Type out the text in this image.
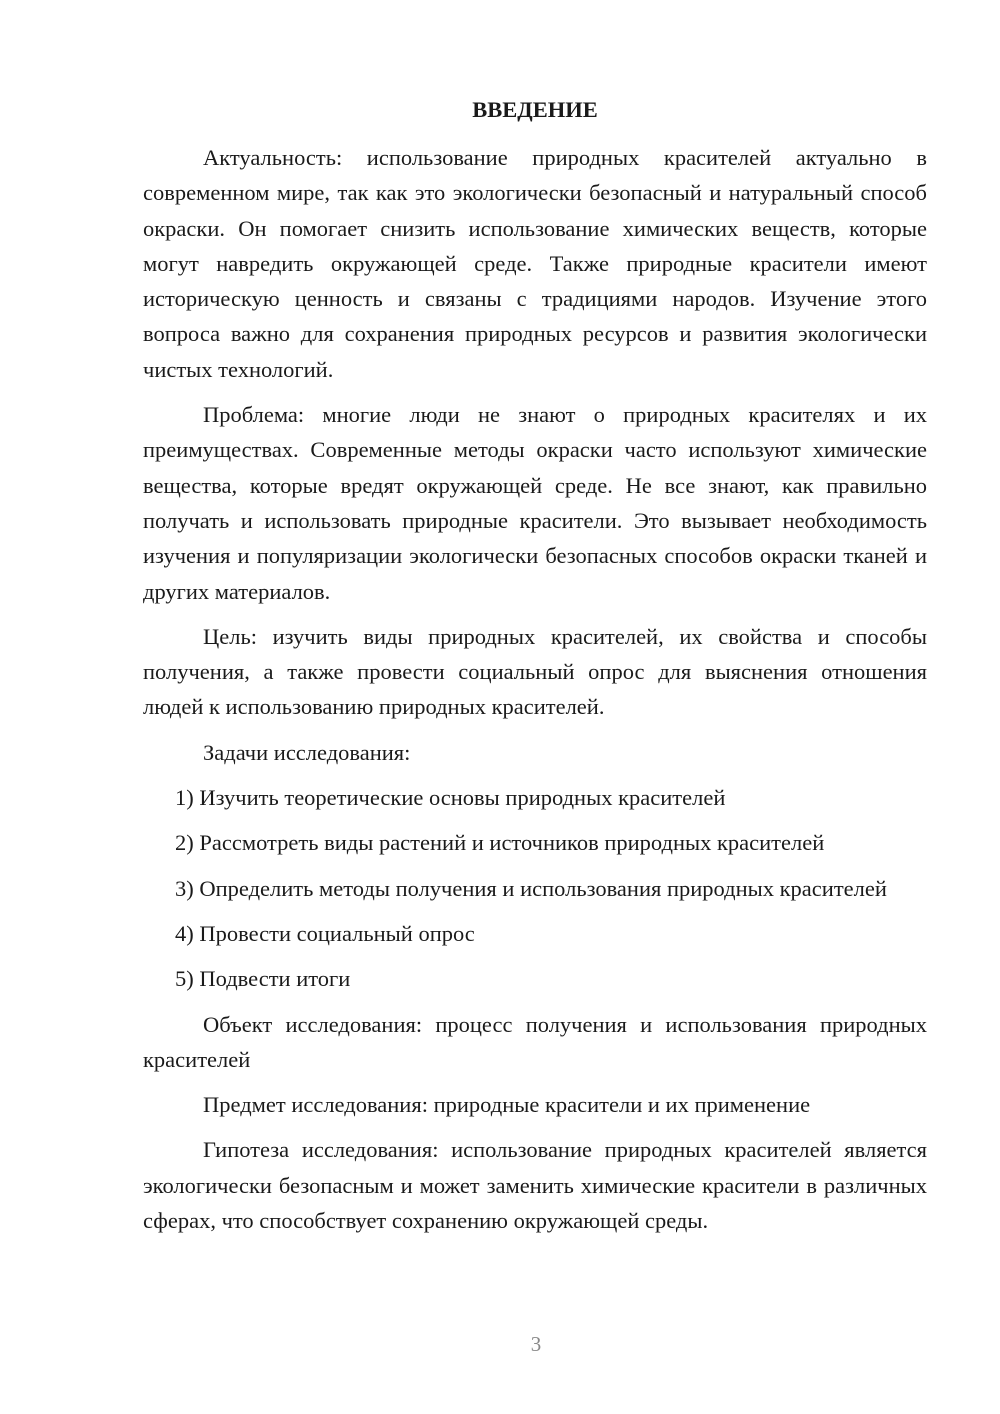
ВВЕДЕНИЕ

Актуальность: использование природных красителей актуально в современном мире, так как это экологически безопасный и натуральный способ окраски. Он помогает снизить использование химических веществ, которые могут навредить окружающей среде. Также природные красители имеют историческую ценность и связаны с традициями народов. Изучение этого вопроса важно для сохранения природных ресурсов и развития экологически чистых технологий.

Проблема: многие люди не знают о природных красителях и их преимуществах. Современные методы окраски часто используют химические вещества, которые вредят окружающей среде. Не все знают, как правильно получать и использовать природные красители. Это вызывает необходимость изучения и популяризации экологически безопасных способов окраски тканей и других материалов.

Цель: изучить виды природных красителей, их свойства и способы получения, а также провести социальный опрос для выяснения отношения людей к использованию природных красителей.

Задачи исследования:

1) Изучить теоретические основы природных красителей

2) Рассмотреть виды растений и источников природных красителей

3) Определить методы получения и использования природных красителей

4) Провести социальный опрос

5) Подвести итоги

Объект исследования: процесс получения и использования природных красителей

Предмет исследования: природные красители и их применение

Гипотеза исследования: использование природных красителей является экологически безопасным и может заменить химические красители в различных сферах, что способствует сохранению окружающей среды.

3
